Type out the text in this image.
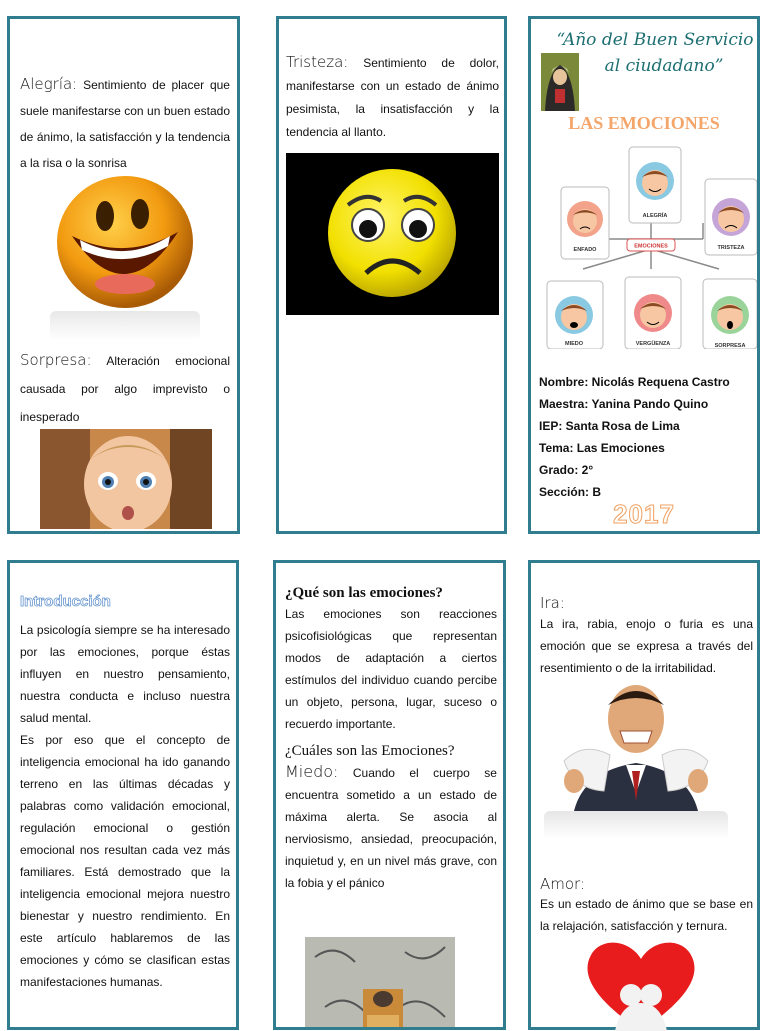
Alegría: Sentimiento de placer que suele manifestarse con un buen estado de ánimo, la satisfacción y la tendencia a la risa o la sonrisa

Sorpresa: Alteración emocional causada por algo imprevisto o inesperado

Tristeza: Sentimiento de dolor, manifestarse con un estado de ánimo pesimista, la insatisfacción y la tendencia al llanto.

“Año del Buen Servicio
al ciudadano”
LAS EMOCIONES
EMOCIONES
ENFADO
ALEGRÍA
TRISTEZA
MIEDO	VERGÜENZA	SORPRESA

Nombre: Nicolás Requena Castro

Maestra: Yanina Pando Quino

IEP: Santa Rosa de Lima

Tema: Las Emociones

Grado: 2°

Sección: B

2017
Introducción

La psicología siempre se ha interesado por las emociones, porque éstas influyen en nuestro pensamiento, nuestra conducta e incluso nuestra salud mental.

Es por eso que el concepto de inteligencia emocional ha ido ganando terreno en las últimas décadas y palabras como validación emocional, regulación emocional o gestión emocional nos resultan cada vez más familiares. Está demostrado que la inteligencia emocional mejora nuestro bienestar y nuestro rendimiento. En este artículo hablaremos de las emociones y cómo se clasifican estas manifestaciones humanas.

¿Qué son las emociones?

Las emociones son reacciones psicofisiológicas que representan modos de adaptación a ciertos estímulos del individuo cuando percibe un objeto, persona, lugar, suceso o recuerdo importante.

¿Cuáles son las Emociones?

Miedo: Cuando el cuerpo se encuentra sometido a un estado de máxima alerta. Se asocia al nerviosismo, ansiedad, preocupación, inquietud y, en un nivel más grave, con la fobia y el pánico

Ira:

La ira, rabia, enojo o furia es una emoción que se expresa a través del resentimiento o de la irritabilidad.

Amor:

Es un estado de ánimo que se base en la relajación, satisfacción y ternura.
